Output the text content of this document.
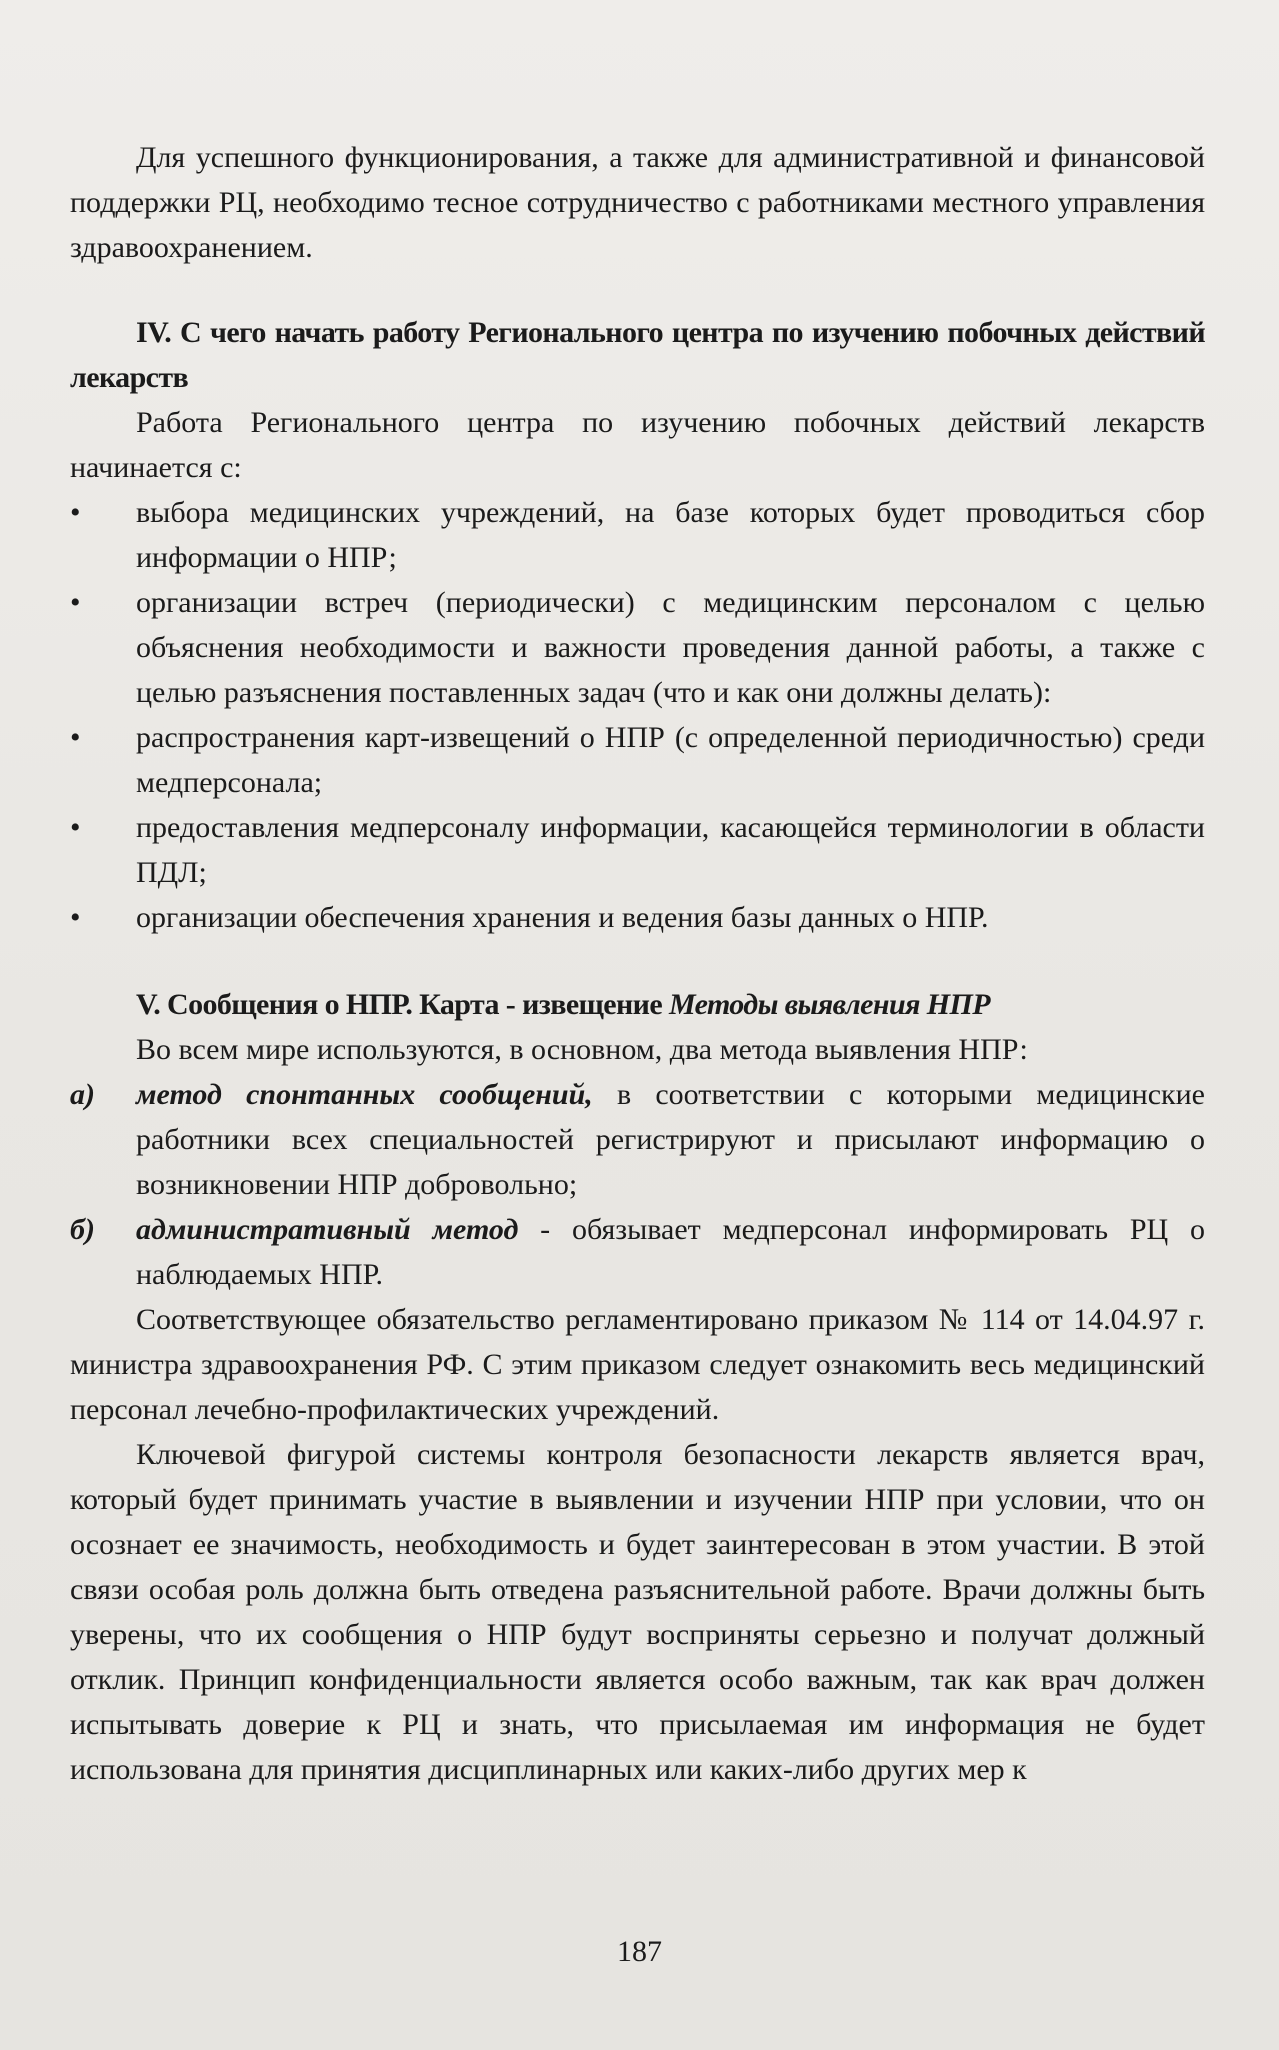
Для успешного функционирования, а также для административной и финансовой поддержки РЦ, необходимо тесное сотрудничество с работниками местного управления здравоохранением.

IV. С чего начать работу Регионального центра по изучению побочных действий лекарств

Работа Регионального центра по изучению побочных действий лекарств начинается с:

•	выбора медицинских учреждений, на базе которых будет проводиться сбор информации о НПР;
•	организации встреч (периодически) с медицинским персоналом с целью объяснения необходимости и важности проведения данной работы, а также с целью разъяснения поставленных задач (что и как они должны делать):
•	распространения карт-извещений о НПР (с определенной периодичностью) среди медперсонала;
•	предоставления медперсоналу информации, касающейся терминологии в области ПДЛ;
•	организации обеспечения хранения и ведения базы данных о НПР.

V. Сообщения о НПР. Карта - извещение Методы выявления НПР

Во всем мире используются, в основном, два метода выявления НПР:

а) метод спонтанных сообщений, в соответствии с которыми медицинские работники всех специальностей регистрируют и присылают информацию о возникновении НПР добровольно;
б) административный метод - обязывает медперсонал информировать РЦ о наблюдаемых НПР.

Соответствующее обязательство регламентировано приказом № 114 от 14.04.97 г. министра здравоохранения РФ. С этим приказом следует ознакомить весь медицинский персонал лечебно-профилактических учреждений.

Ключевой фигурой системы контроля безопасности лекарств является врач, который будет принимать участие в выявлении и изучении НПР при условии, что он осознает ее значимость, необходимость и будет заинтересован в этом участии. В этой связи особая роль должна быть отведена разъяснительной работе. Врачи должны быть уверены, что их сообщения о НПР будут восприняты серьезно и получат должный отклик. Принцип конфиденциальности является особо важным, так как врач должен испытывать доверие к РЦ и знать, что присылаемая им информация не будет использована для принятия дисциплинарных или каких-либо других мер к

187
